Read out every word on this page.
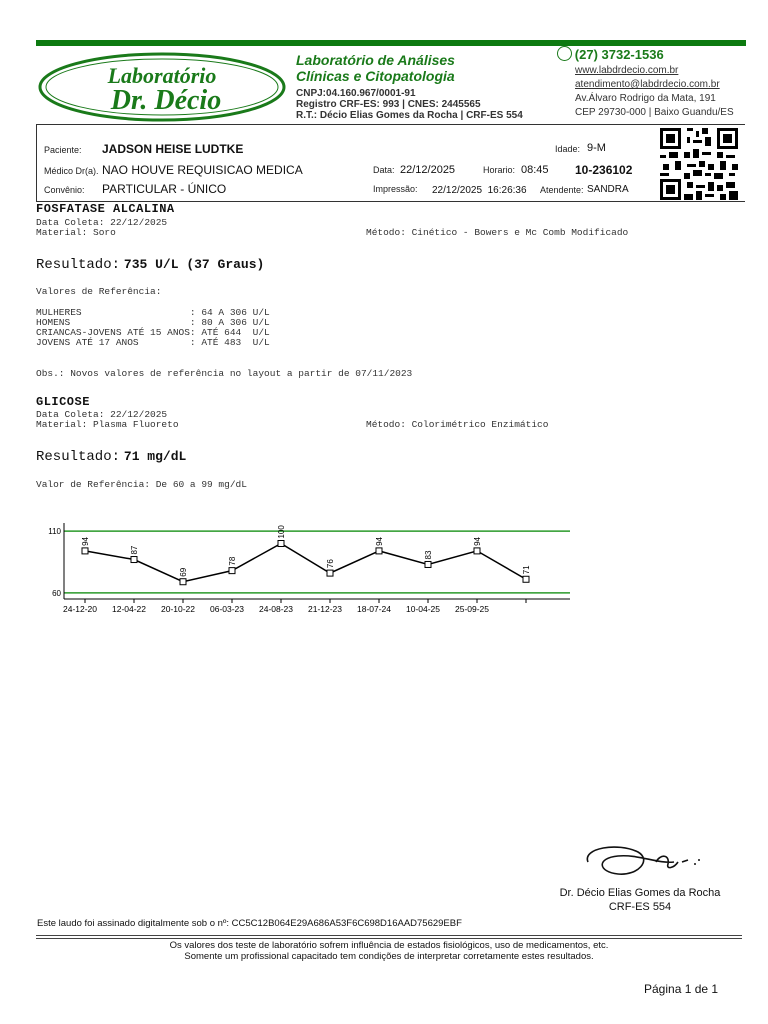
Laboratório
Dr. Décio
Laboratório de Análises
Clínicas e Citopatologia
CNPJ:04.160.967/0001-91
Registro CRF-ES: 993 | CNES: 2445565
R.T.: Décio Elias Gomes da Rocha | CRF-ES 554
(27) 3732-1536
www.labdrdecio.com.br
atendimento@labdrdecio.com.br
Av.Álvaro Rodrigo da Mata, 191
CEP 29730-000 | Baixo Guandu/ES
Paciente: JADSON HEISE LUDTKE	Idade: 9-M
Médico Dr(a). NAO HOUVE REQUISICAO MEDICA	Data: 22/12/2025	Horario: 08:45 10-236102
Convênio: PARTICULAR - ÚNICO	Impressão: 22/12/2025  16:26:36 Atendente: SANDRA
FOSFATASE ALCALINA
Data Coleta: 22/12/2025
Material: Soro	Método: Cinético - Bowers e Mc Comb Modificado
Resultado: 735 U/L (37 Graus)
Valores de Referência:
MULHERES                   : 64 A 306 U/L
HOMENS                     : 80 A 306 U/L
CRIANCAS-JOVENS ATÉ 15 ANOS: ATÉ 644  U/L
JOVENS ATÉ 17 ANOS         : ATÉ 483  U/L
Obs.: Novos valores de referência no layout a partir de 07/11/2023
GLICOSE
Data Coleta: 22/12/2025
Material: Plasma Fluoreto	Método: Colorimétrico Enzimático
Resultado: 71 mg/dL
Valor de Referência: De 60 a 99 mg/dL
110
60
94
24-12-20
87
12-04-22
69
20-10-22
78
06-03-23
100
24-08-23
76
21-12-23
94
18-07-24
83
10-04-25
94
25-09-25
71
Dr. Décio Elias Gomes da Rocha
CRF-ES 554
Este laudo foi assinado digitalmente sob o nº: CC5C12B064E29A686A53F6C698D16AAD75629EBF
Os valores dos teste de laboratório sofrem influência de estados fisiológicos, uso de medicamentos, etc.
Somente um profissional capacitado tem condições de interpretar corretamente estes resultados.
Página 1 de 1
